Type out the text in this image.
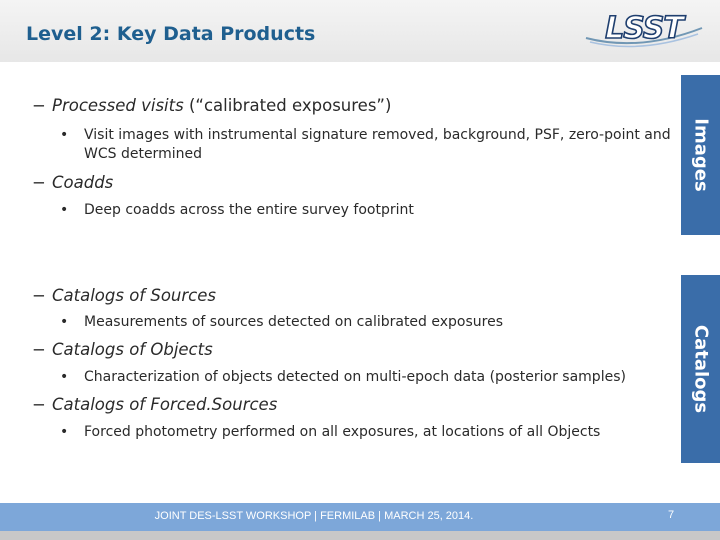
Level 2: Key Data Products	LSST
− Processed visits (“calibrated exposures”)
• Visit images with instrumental signature removed, background, PSF, zero-point and WCS determined
− Coadds
• Deep coadds across the entire survey footprint
− Catalogs of Sources
• Measurements of sources detected on calibrated exposures
− Catalogs of Objects
• Characterization of objects detected on multi-epoch data (posterior samples)
− Catalogs of Forced.Sources
• Forced photometry performed on all exposures, at locations of all Objects
Images
Catalogs
JOINT DES-LSST WORKSHOP | FERMILAB | MARCH 25, 2014.	7
